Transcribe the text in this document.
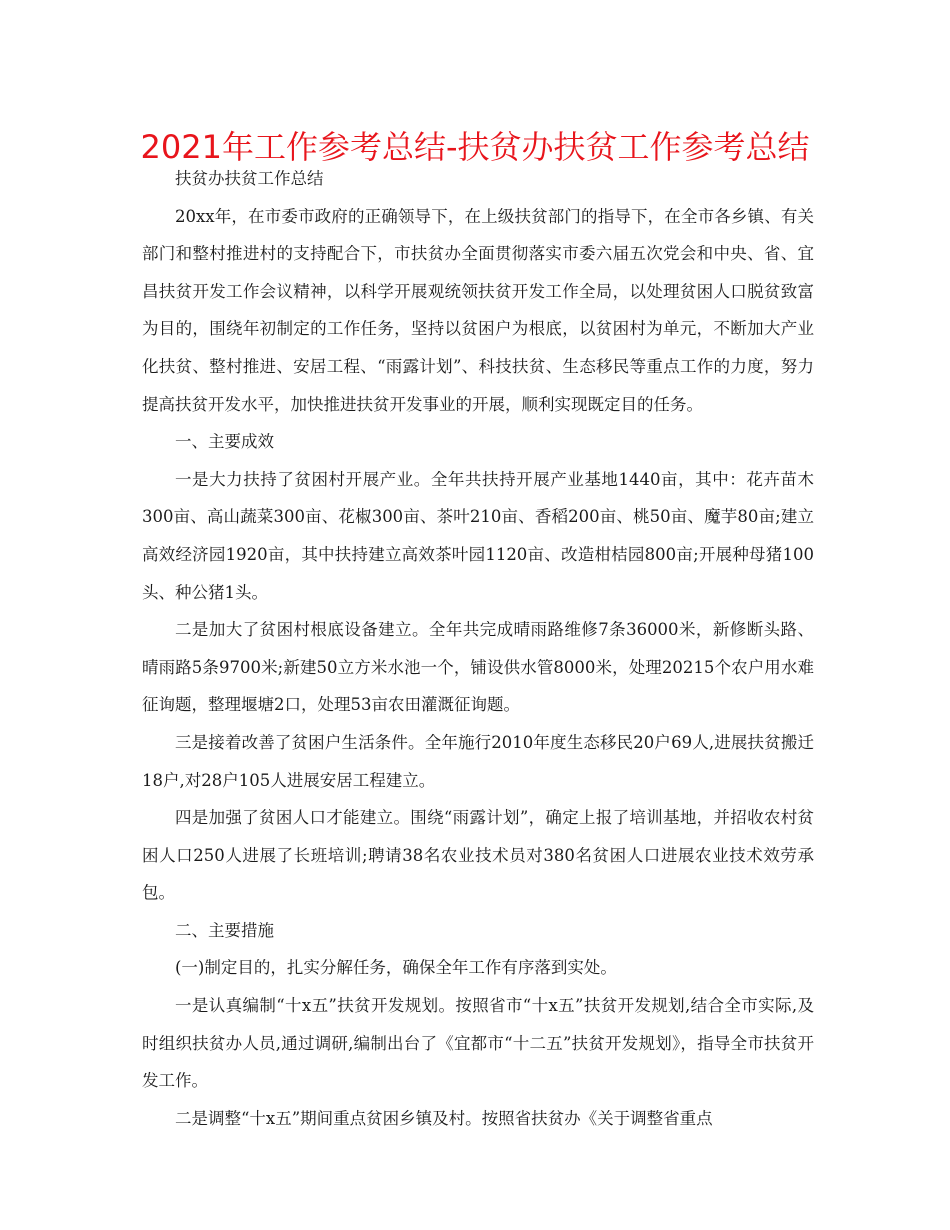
2021年工作参考总结-扶贫办扶贫工作参考总结

扶贫办扶贫工作总结

20xx年，在市委市政府的正确领导下，在上级扶贫部门的指导下，在全市各乡镇、有关部门和整村推进村的支持配合下，市扶贫办全面贯彻落实市委六届五次党会和中央、省、宜昌扶贫开发工作会议精神，以科学开展观统领扶贫开发工作全局，以处理贫困人口脱贫致富为目的，围绕年初制定的工作任务，坚持以贫困户为根底，以贫困村为单元，不断加大产业化扶贫、整村推进、安居工程、“雨露计划”、科技扶贫、生态移民等重点工作的力度，努力提高扶贫开发水平，加快推进扶贫开发事业的开展，顺利实现既定目的任务。

一、主要成效

一是大力扶持了贫困村开展产业。全年共扶持开展产业基地1440亩，其中：花卉苗木300亩、高山蔬菜300亩、花椒300亩、茶叶210亩、香稻200亩、桃50亩、魔芋80亩;建立高效经济园1920亩，其中扶持建立高效茶叶园1120亩、改造柑桔园800亩;开展种母猪100头、种公猪1头。

二是加大了贫困村根底设备建立。全年共完成晴雨路维修7条36000米，新修断头路、晴雨路5条9700米;新建50立方米水池一个，铺设供水管8000米，处理20215个农户用水难征询题，整理堰塘2口，处理53亩农田灌溉征询题。

三是接着改善了贫困户生活条件。全年施行2010年度生态移民20户69人,进展扶贫搬迁18户,对28户105人进展安居工程建立。

四是加强了贫困人口才能建立。围绕“雨露计划”，确定上报了培训基地，并招收农村贫困人口250人进展了长班培训;聘请38名农业技术员对380名贫困人口进展农业技术效劳承包。

二、主要措施

(一)制定目的，扎实分解任务，确保全年工作有序落到实处。

一是认真编制“十x五”扶贫开发规划。按照省市“十x五”扶贫开发规划,结合全市实际,及时组织扶贫办人员,通过调研,编制出台了《宜都市“十二五”扶贫开发规划》，指导全市扶贫开发工作。

二是调整“十x五”期间重点贫困乡镇及村。按照省扶贫办《关于调整省重点
